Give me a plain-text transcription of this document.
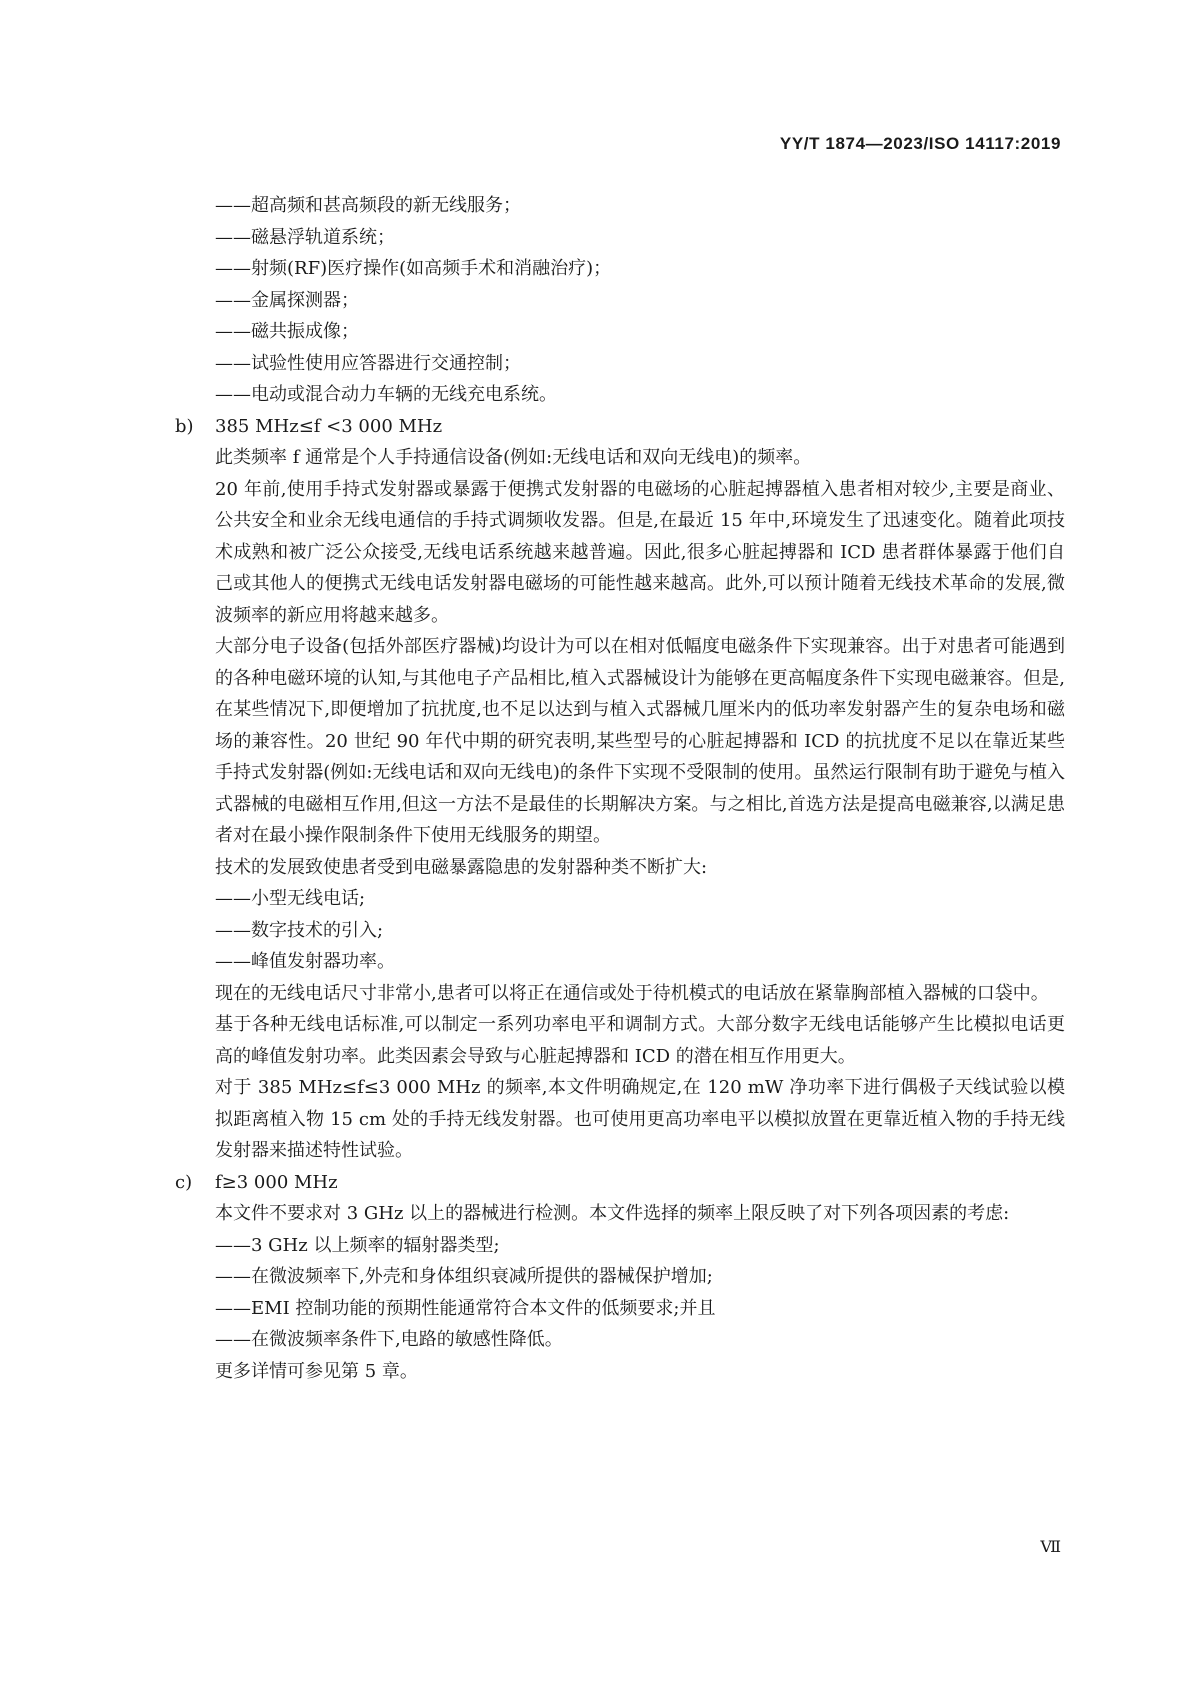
YY/T 1874—2023/ISO 14117:2019

——超高频和甚高频段的新无线服务；

——磁悬浮轨道系统；

——射频(RF)医疗操作(如高频手术和消融治疗)；

——金属探测器；

——磁共振成像；

——试验性使用应答器进行交通控制；

——电动或混合动力车辆的无线充电系统。

b)	385 MHz≤f <3 000 MHz

此类频率 f 通常是个人手持通信设备(例如:无线电话和双向无线电)的频率。

20 年前,使用手持式发射器或暴露于便携式发射器的电磁场的心脏起搏器植入患者相对较少,主要是商业、公共安全和业余无线电通信的手持式调频收发器。但是,在最近 15 年中,环境发生了迅速变化。随着此项技术成熟和被广泛公众接受,无线电话系统越来越普遍。因此,很多心脏起搏器和 ICD 患者群体暴露于他们自己或其他人的便携式无线电话发射器电磁场的可能性越来越高。此外,可以预计随着无线技术革命的发展,微波频率的新应用将越来越多。

大部分电子设备(包括外部医疗器械)均设计为可以在相对低幅度电磁条件下实现兼容。出于对患者可能遇到的各种电磁环境的认知,与其他电子产品相比,植入式器械设计为能够在更高幅度条件下实现电磁兼容。但是,在某些情况下,即便增加了抗扰度,也不足以达到与植入式器械几厘米内的低功率发射器产生的复杂电场和磁场的兼容性。20 世纪 90 年代中期的研究表明,某些型号的心脏起搏器和 ICD 的抗扰度不足以在靠近某些手持式发射器(例如:无线电话和双向无线电)的条件下实现不受限制的使用。虽然运行限制有助于避免与植入式器械的电磁相互作用,但这一方法不是最佳的长期解决方案。与之相比,首选方法是提高电磁兼容,以满足患者对在最小操作限制条件下使用无线服务的期望。

技术的发展致使患者受到电磁暴露隐患的发射器种类不断扩大:

——小型无线电话;

——数字技术的引入;

——峰值发射器功率。

现在的无线电话尺寸非常小,患者可以将正在通信或处于待机模式的电话放在紧靠胸部植入器械的口袋中。

基于各种无线电话标准,可以制定一系列功率电平和调制方式。大部分数字无线电话能够产生比模拟电话更高的峰值发射功率。此类因素会导致与心脏起搏器和 ICD 的潜在相互作用更大。

对于 385 MHz≤f≤3 000 MHz 的频率,本文件明确规定,在 120 mW 净功率下进行偶极子天线试验以模拟距离植入物 15 cm 处的手持无线发射器。也可使用更高功率电平以模拟放置在更靠近植入物的手持无线发射器来描述特性试验。

c)	f≥3 000 MHz

本文件不要求对 3 GHz 以上的器械进行检测。本文件选择的频率上限反映了对下列各项因素的考虑:

——3 GHz 以上频率的辐射器类型;

——在微波频率下,外壳和身体组织衰减所提供的器械保护增加;

——EMI 控制功能的预期性能通常符合本文件的低频要求;并且

——在微波频率条件下,电路的敏感性降低。

更多详情可参见第 5 章。

Ⅶ
